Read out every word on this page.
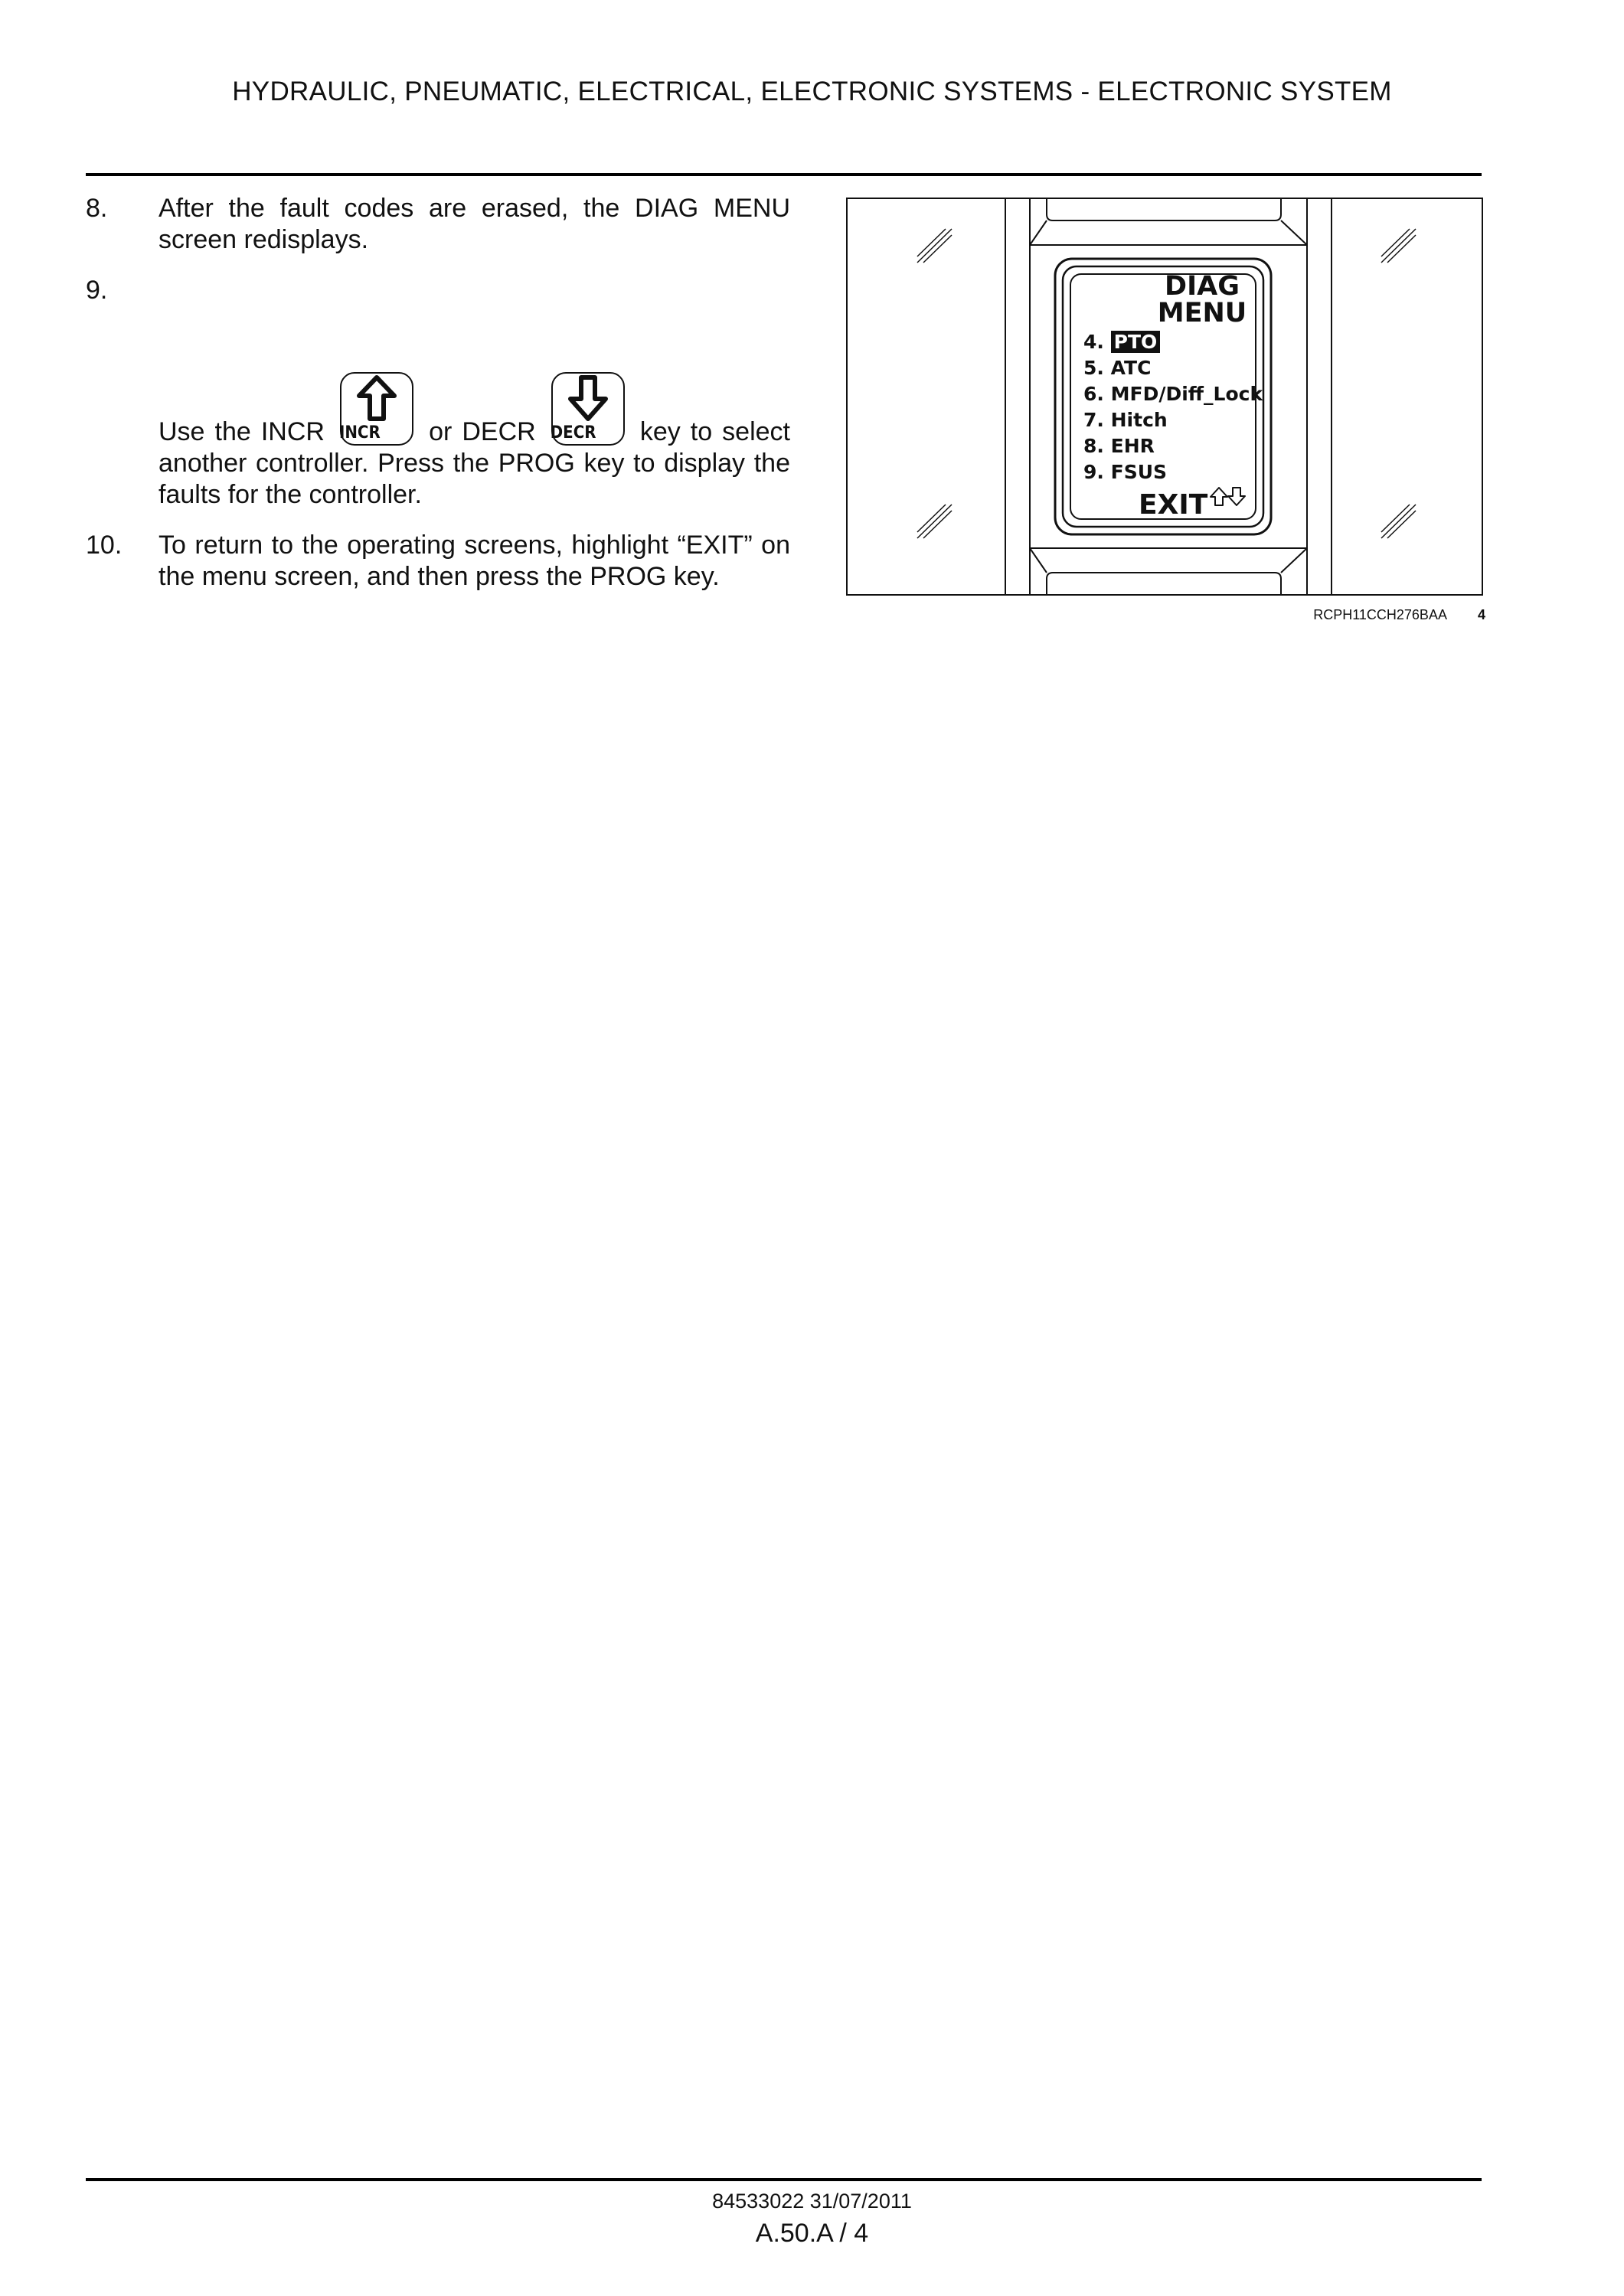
HYDRAULIC, PNEUMATIC, ELECTRICAL, ELECTRONIC SYSTEMS - ELECTRONIC SYSTEM
8. After the fault codes are erased, the DIAG MENU screen redisplays.
9.
Use the INCR INCR	or DECR DECR	key to select another controller. Press the PROG key to display the faults for the controller.
10. To return to the operating screens, highlight “EXIT” on the menu screen, and then press the PROG key.
DIAG
MENU
4. PTO
5. ATC
6. MFD/Diff_Lock
7. Hitch
8. EHR
9. FSUS
EXIT
RCPH11CCH276BAA 4
84533022 31/07/2011
A.50.A / 4
